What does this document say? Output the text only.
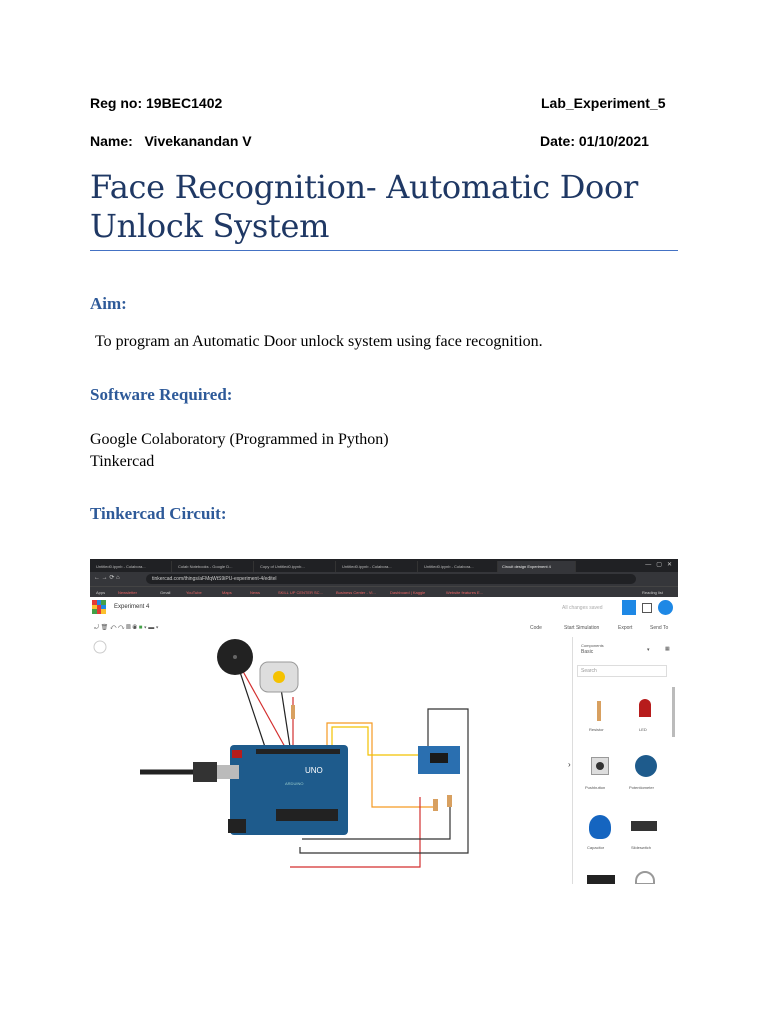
Reg no: 19BEC1402	Lab_Experiment_5
Name: Vivekanandan V	Date: 01/10/2021
Face Recognition- Automatic Door
Unlock System
Aim:
To program an Automatic Door unlock system using face recognition.
Software Required:
Google Colaboratory (Programmed in Python)
Tinkercad
Tinkercad Circuit:
Untitled0.ipynb - Colabora...	Colab Notebooks - Google D...	Copy of Untitled0.ipynb...	Untitled0.ipynb - Colabora...	Untitled0.ipynb - Colabora...	Circuit design Experiment 4	—   ▢   ✕
← → ⟳ ⌂	tinkercad.com/things/aFMqWtS9iPU-experiment-4/editel
Apps	Newsletter	Gmail	YouTube	Maps	News	SKILL UP CENTER SC...	Business Center - Vi...	Dashboard | Kaggle	Website features E...	Reading list
Experiment 4	All changes saved
⤾ 🗑 ↶ ↷ ▤ ◉ ■ ▾ ▬ ▾	Code	Start Simulation	Export	Send To
UNO
ARDUINO
›
Components
Basic	▾	▦
Search
Resistor	LED
Pushbutton	Potentiometer
Capacitor	Slideswitch
